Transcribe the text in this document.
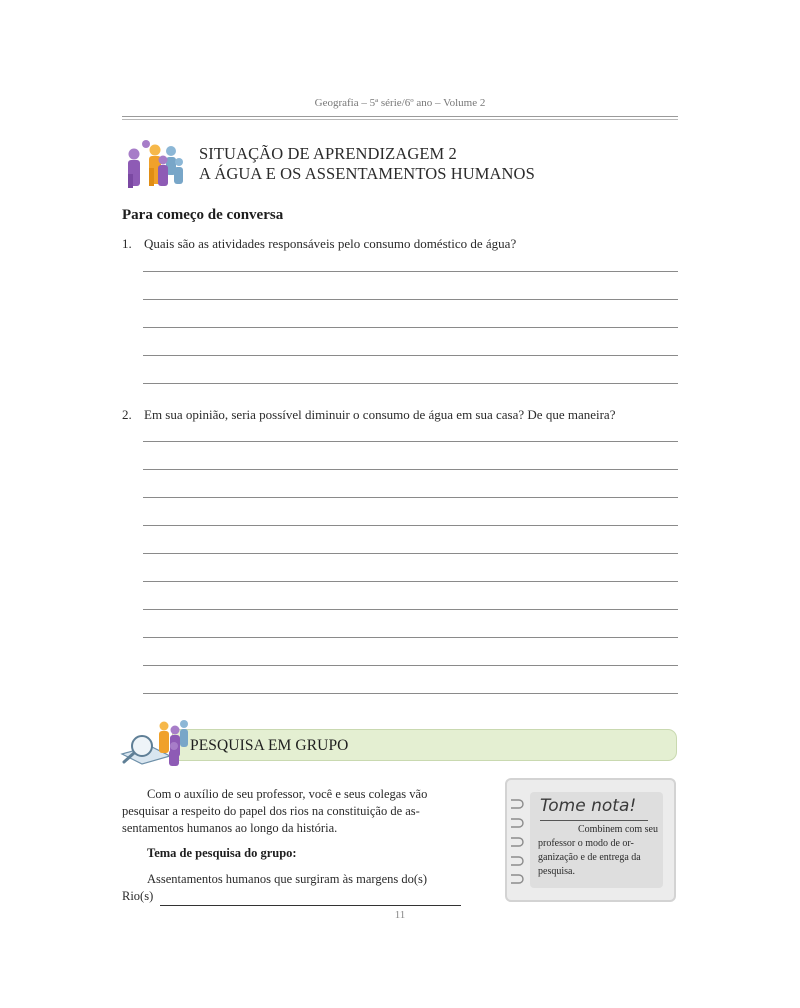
Geografia – 5ª série/6º ano – Volume 2
SITUAÇÃO DE APRENDIZAGEM 2
A ÁGUA E OS ASSENTAMENTOS HUMANOS
Para começo de conversa
1. Quais são as atividades responsáveis pelo consumo doméstico de água?
2. Em sua opinião, seria possível diminuir o consumo de água em sua casa? De que maneira?
PESQUISA EM GRUPO
Com o auxílio de seu professor, você e seus colegas vão
pesquisar a respeito do papel dos rios na constituição de as-
sentamentos humanos ao longo da história.
Tema de pesquisa do grupo:
Assentamentos humanos que surgiram às margens do(s)
Rio(s)
Tome nota!
Combinem com seu
professor o modo de or-
ganização e de entrega da
pesquisa.
11
